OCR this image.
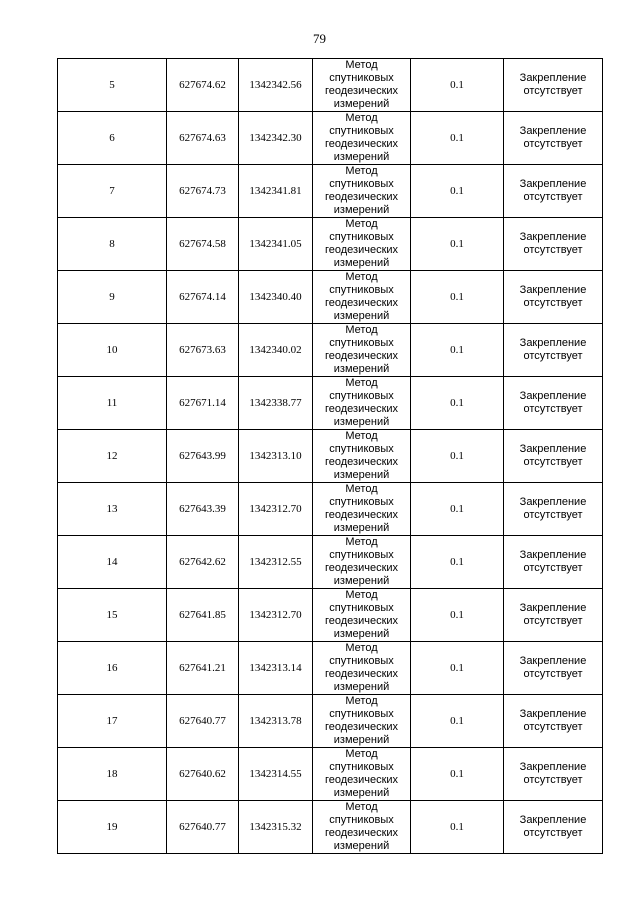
79
5	627674.62	1342342.56	Метод
спутниковых
геодезических
измерений	0.1	Закрепление
отсутствует

6	627674.63	1342342.30	Метод
спутниковых
геодезических
измерений	0.1	Закрепление
отсутствует

7	627674.73	1342341.81	Метод
спутниковых
геодезических
измерений	0.1	Закрепление
отсутствует

8	627674.58	1342341.05	Метод
спутниковых
геодезических
измерений	0.1	Закрепление
отсутствует

9	627674.14	1342340.40	Метод
спутниковых
геодезических
измерений	0.1	Закрепление
отсутствует

10	627673.63	1342340.02	Метод
спутниковых
геодезических
измерений	0.1	Закрепление
отсутствует

11	627671.14	1342338.77	Метод
спутниковых
геодезических
измерений	0.1	Закрепление
отсутствует

12	627643.99	1342313.10	Метод
спутниковых
геодезических
измерений	0.1	Закрепление
отсутствует

13	627643.39	1342312.70	Метод
спутниковых
геодезических
измерений	0.1	Закрепление
отсутствует

14	627642.62	1342312.55	Метод
спутниковых
геодезических
измерений	0.1	Закрепление
отсутствует

15	627641.85	1342312.70	Метод
спутниковых
геодезических
измерений	0.1	Закрепление
отсутствует

16	627641.21	1342313.14	Метод
спутниковых
геодезических
измерений	0.1	Закрепление
отсутствует

17	627640.77	1342313.78	Метод
спутниковых
геодезических
измерений	0.1	Закрепление
отсутствует

18	627640.62	1342314.55	Метод
спутниковых
геодезических
измерений	0.1	Закрепление
отсутствует

19	627640.77	1342315.32	Метод
спутниковых
геодезических
измерений	0.1	Закрепление
отсутствует
